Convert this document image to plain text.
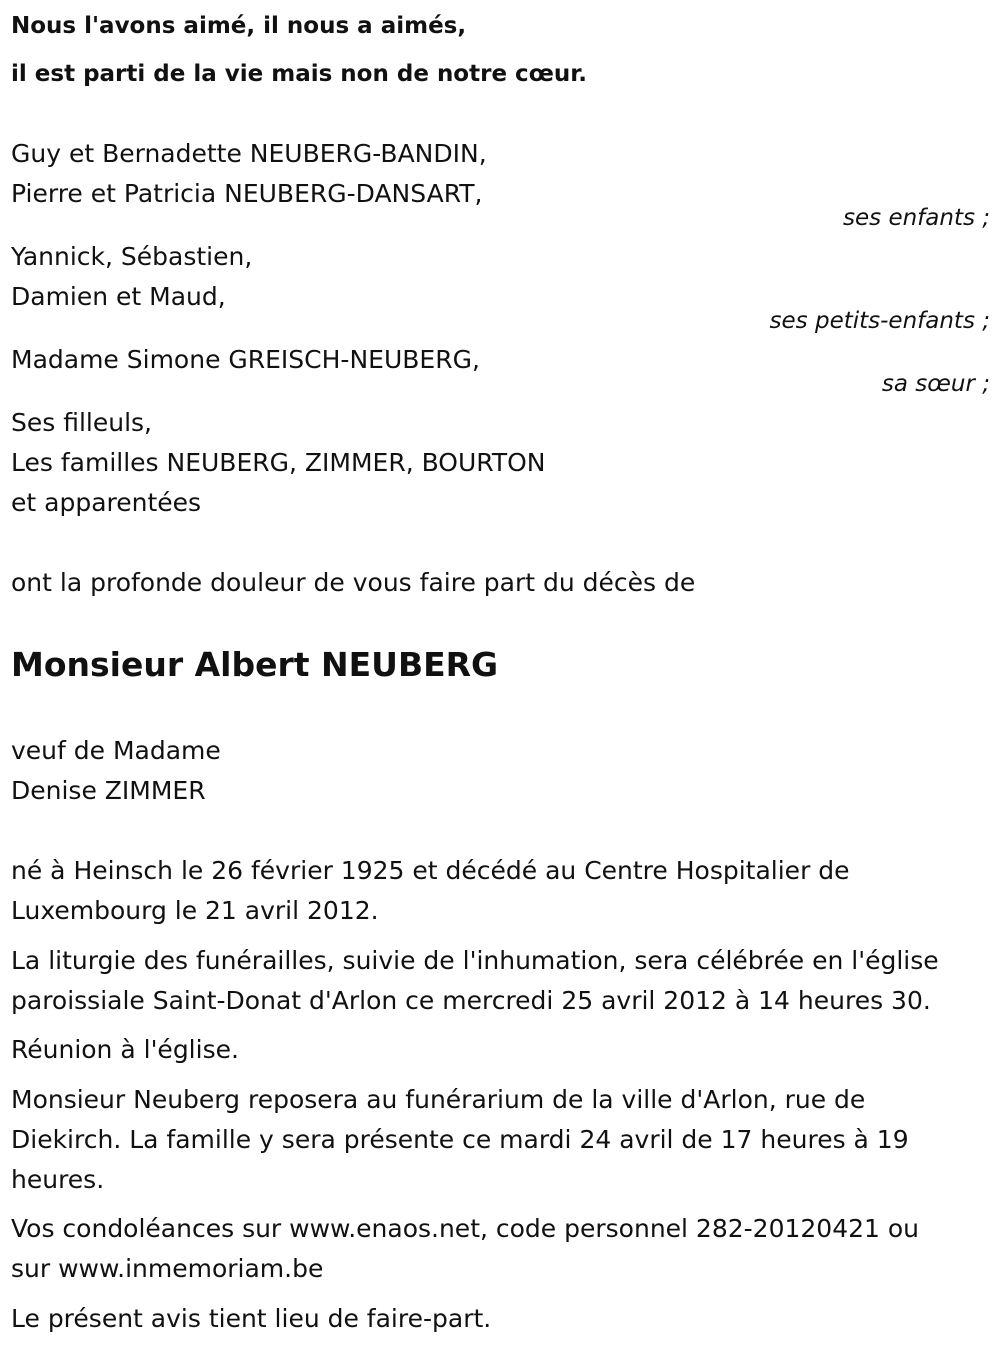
Nous l'avons aimé, il nous a aimés,
il est parti de la vie mais non de notre cœur.
Guy et Bernadette NEUBERG-BANDIN,
Pierre et Patricia NEUBERG-DANSART,
ses enfants ;
Yannick, Sébastien,
Damien et Maud,
ses petits-enfants ;
Madame Simone GREISCH-NEUBERG,
sa sœur ;
Ses filleuls,
Les familles NEUBERG, ZIMMER, BOURTON
et apparentées
ont la profonde douleur de vous faire part du décès de
Monsieur Albert NEUBERG
veuf de Madame
Denise ZIMMER
né à Heinsch le 26 février 1925 et décédé au Centre Hospitalier de
Luxembourg le 21 avril 2012.
La liturgie des funérailles, suivie de l'inhumation, sera célébrée en l'église
paroissiale Saint-Donat d'Arlon ce mercredi 25 avril 2012 à 14 heures 30.
Réunion à l'église.
Monsieur Neuberg reposera au funérarium de la ville d'Arlon, rue de
Diekirch. La famille y sera présente ce mardi 24 avril de 17 heures à 19
heures.
Vos condoléances sur www.enaos.net, code personnel 282-20120421 ou
sur www.inmemoriam.be
Le présent avis tient lieu de faire-part.
